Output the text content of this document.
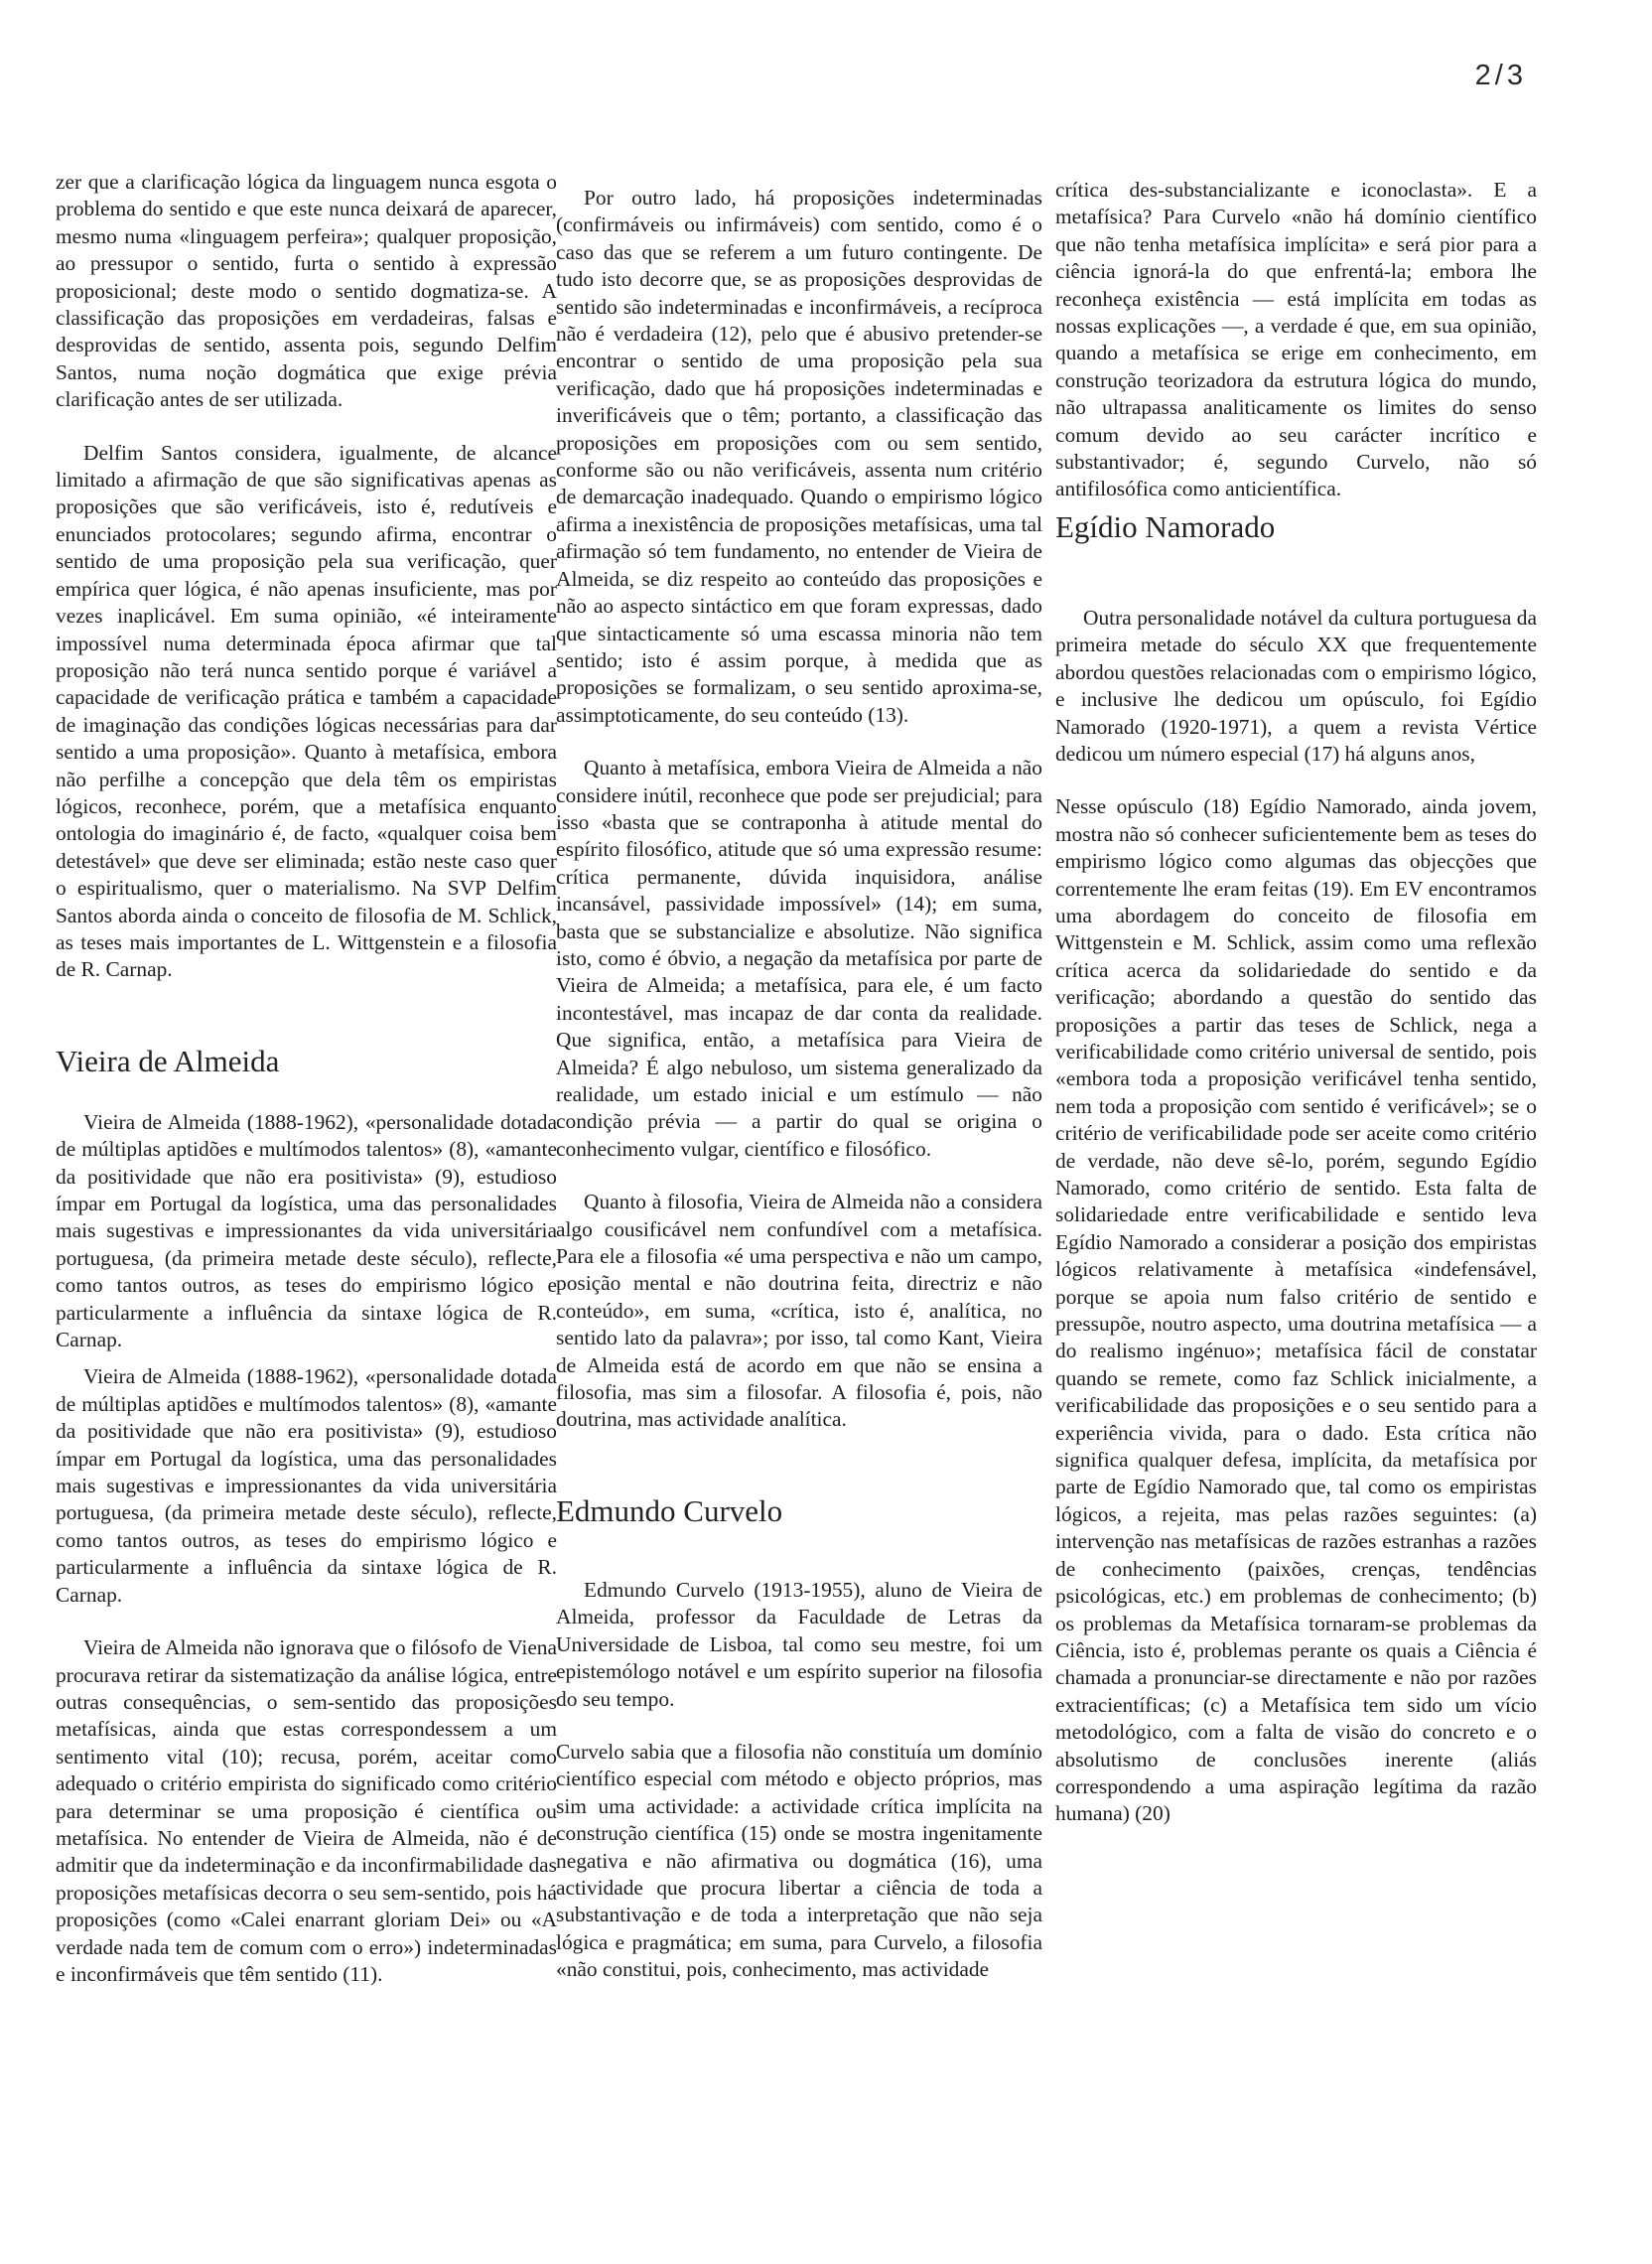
2/3

zer que a clarificação lógica da linguagem nunca esgota o problema do sentido e que este nunca deixará de aparecer, mesmo numa «linguagem perfeira»; qualquer proposição, ao pressupor o sentido, furta o sentido à expressão proposicional; deste modo o sentido dogmatiza-se. A classificação das proposições em verdadeiras, falsas e desprovidas de sentido, assenta pois, segundo Delfim Santos, numa noção dogmática que exige prévia clarificação antes de ser utilizada.

Delfim Santos considera, igualmente, de alcance limitado a afirmação de que são significativas apenas as proposições que são verificáveis, isto é, redutíveis e enunciados protocolares; segundo afirma, encontrar o sentido de uma proposição pela sua verificação, quer empírica quer lógica, é não apenas insuficiente, mas por vezes inaplicável. Em suma opinião, «é inteiramente impossível numa determinada época afirmar que tal proposição não terá nunca sentido porque é variável a capacidade de verificação prática e também a capacidade de imaginação das condições lógicas necessárias para dar sentido a uma proposição». Quanto à metafísica, embora não perfilhe a concepção que dela têm os empiristas lógicos, reconhece, porém, que a metafísica enquanto ontologia do imaginário é, de facto, «qualquer coisa bem detestável» que deve ser eliminada; estão neste caso quer o espiritualismo, quer o materialismo. Na SVP Delfim Santos aborda ainda o conceito de filosofia de M. Schlick, as teses mais importantes de L. Wittgenstein e a filosofia de R. Carnap.

Vieira de Almeida

Vieira de Almeida (1888-1962), «personalidade dotada de múltiplas aptidões e multímodos talentos» (8), «amante da positividade que não era positivista» (9), estudioso ímpar em Portugal da logística, uma das personalidades mais sugestivas e impressionantes da vida universitária portuguesa, (da primeira metade deste século), reflecte, como tantos outros, as teses do empirismo lógico e particularmente a influência da sintaxe lógica de R. Carnap.

Vieira de Almeida (1888-1962), «personalidade dotada de múltiplas aptidões e multímodos talentos» (8), «amante da positividade que não era positivista» (9), estudioso ímpar em Portugal da logística, uma das personalidades mais sugestivas e impressionantes da vida universitária portuguesa, (da primeira metade deste século), reflecte, como tantos outros, as teses do empirismo lógico e particularmente a influência da sintaxe lógica de R. Carnap.

Vieira de Almeida não ignorava que o filósofo de Viena procurava retirar da sistematização da análise lógica, entre outras consequências, o sem-sentido das proposições metafísicas, ainda que estas correspondessem a um sentimento vital (10); recusa, porém, aceitar como adequado o critério empirista do significado como critério para determinar se uma proposição é científica ou metafísica. No entender de Vieira de Almeida, não é de admitir que da indeterminação e da inconfirmabilidade das proposições metafísicas decorra o seu sem-sentido, pois há proposições (como «Calei enarrant gloriam Dei» ou «A verdade nada tem de comum com o erro») indeterminadas e inconfirmáveis que têm sentido (11).

Por outro lado, há proposições indeterminadas (confirmáveis ou infirmáveis) com sentido, como é o caso das que se referem a um futuro contingente. De tudo isto decorre que, se as proposições desprovidas de sentido são indeterminadas e inconfirmáveis, a recíproca não é verdadeira (12), pelo que é abusivo pretender-se encontrar o sentido de uma proposição pela sua verificação, dado que há proposições indeterminadas e inverificáveis que o têm; portanto, a classificação das proposições em proposições com ou sem sentido, conforme são ou não verificáveis, assenta num critério de demarcação inadequado. Quando o empirismo lógico afirma a inexistência de proposições metafísicas, uma tal afirmação só tem fundamento, no entender de Vieira de Almeida, se diz respeito ao conteúdo das proposições e não ao aspecto sintáctico em que foram expressas, dado que sintacticamente só uma escassa minoria não tem sentido; isto é assim porque, à medida que as proposições se formalizam, o seu sentido aproxima-se, assimptoticamente, do seu conteúdo (13).

Quanto à metafísica, embora Vieira de Almeida a não considere inútil, reconhece que pode ser prejudicial; para isso «basta que se contraponha à atitude mental do espírito filosófico, atitude que só uma expressão resume: crítica permanente, dúvida inquisidora, análise incansável, passividade impossível» (14); em suma, basta que se substancialize e absolutize. Não significa isto, como é óbvio, a negação da metafísica por parte de Vieira de Almeida; a metafísica, para ele, é um facto incontestável, mas incapaz de dar conta da realidade. Que significa, então, a metafísica para Vieira de Almeida? É algo nebuloso, um sistema generalizado da realidade, um estado inicial e um estímulo — não condição prévia — a partir do qual se origina o conhecimento vulgar, científico e filosófico.

Quanto à filosofia, Vieira de Almeida não a considera algo cousificável nem confundível com a metafísica. Para ele a filosofia «é uma perspectiva e não um campo, posição mental e não doutrina feita, directriz e não conteúdo», em suma, «crítica, isto é, analítica, no sentido lato da palavra»; por isso, tal como Kant, Vieira de Almeida está de acordo em que não se ensina a filosofia, mas sim a filosofar. A filosofia é, pois, não doutrina, mas actividade analítica.

Edmundo Curvelo

Edmundo Curvelo (1913-1955), aluno de Vieira de Almeida, professor da Faculdade de Letras da Universidade de Lisboa, tal como seu mestre, foi um epistemólogo notável e um espírito superior na filosofia do seu tempo.

Curvelo sabia que a filosofia não constituía um domínio científico especial com método e objecto próprios, mas sim uma actividade: a actividade crítica implícita na construção científica (15) onde se mostra ingenitamente negativa e não afirmativa ou dogmática (16), uma actividade que procura libertar a ciência de toda a substantivação e de toda a interpretação que não seja lógica e pragmática; em suma, para Curvelo, a filosofia «não constitui, pois, conhecimento, mas actividade

crítica des-substancializante e iconoclasta». E a metafísica? Para Curvelo «não há domínio científico que não tenha metafísica implícita» e será pior para a ciência ignorá-la do que enfrentá-la; embora lhe reconheça existência — está implícita em todas as nossas explicações —, a verdade é que, em sua opinião, quando a metafísica se erige em conhecimento, em construção teorizadora da estrutura lógica do mundo, não ultrapassa analiticamente os limites do senso comum devido ao seu carácter incrítico e substantivador; é, segundo Curvelo, não só antifilosófica como anticientífica.

Egídio Namorado

Outra personalidade notável da cultura portuguesa da primeira metade do século XX que frequentemente abordou questões relacionadas com o empirismo lógico, e inclusive lhe dedicou um opúsculo, foi Egídio Namorado (1920-1971), a quem a revista Vértice dedicou um número especial (17) há alguns anos,

Nesse opúsculo (18) Egídio Namorado, ainda jovem, mostra não só conhecer suficientemente bem as teses do empirismo lógico como algumas das objecções que correntemente lhe eram feitas (19). Em EV encontramos uma abordagem do conceito de filosofia em Wittgenstein e M. Schlick, assim como uma reflexão crítica acerca da solidariedade do sentido e da verificação; abordando a questão do sentido das proposições a partir das teses de Schlick, nega a verificabilidade como critério universal de sentido, pois «embora toda a proposição verificável tenha sentido, nem toda a proposição com sentido é verificável»; se o critério de verificabilidade pode ser aceite como critério de verdade, não deve sê-lo, porém, segundo Egídio Namorado, como critério de sentido. Esta falta de solidariedade entre verificabilidade e sentido leva Egídio Namorado a considerar a posição dos empiristas lógicos relativamente à metafísica «indefensável, porque se apoia num falso critério de sentido e pressupõe, noutro aspecto, uma doutrina metafísica — a do realismo ingénuo»; metafísica fácil de constatar quando se remete, como faz Schlick inicialmente, a verificabilidade das proposições e o seu sentido para a experiência vivida, para o dado. Esta crítica não significa qualquer defesa, implícita, da metafísica por parte de Egídio Namorado que, tal como os empiristas lógicos, a rejeita, mas pelas razões seguintes: (a) intervenção nas metafísicas de razões estranhas a razões de conhecimento (paixões, crenças, tendências psicológicas, etc.) em problemas de conhecimento; (b) os problemas da Metafísica tornaram-se problemas da Ciência, isto é, problemas perante os quais a Ciência é chamada a pronunciar-se directamente e não por razões extracientíficas; (c) a Metafísica tem sido um vício metodológico, com a falta de visão do concreto e o absolutismo de conclusões inerente (aliás correspondendo a uma aspiração legítima da razão humana) (20)
